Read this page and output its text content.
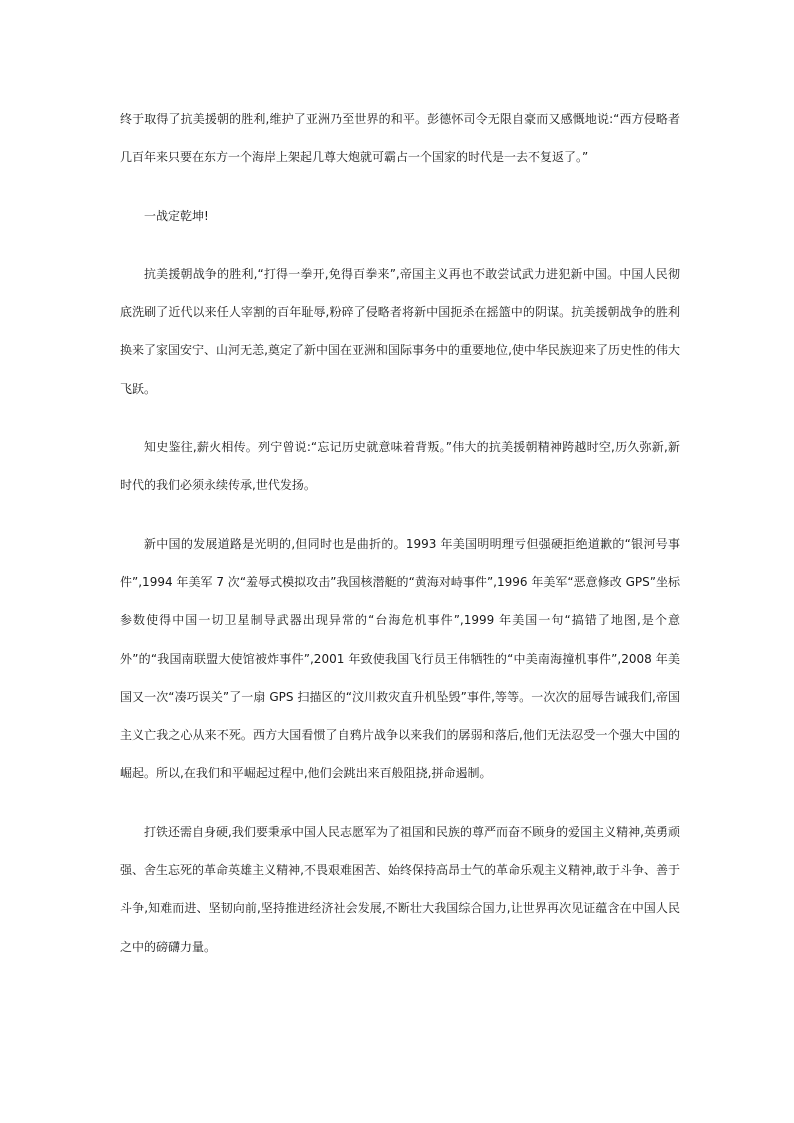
终于取得了抗美援朝的胜利,维护了亚洲乃至世界的和平。彭德怀司令无限自豪而又感慨地说:“西方侵略者几百年来只要在东方一个海岸上架起几尊大炮就可霸占一个国家的时代是一去不复返了。”

一战定乾坤!

抗美援朝战争的胜利,“打得一拳开,免得百拳来”,帝国主义再也不敢尝试武力进犯新中国。中国人民彻底洗刷了近代以来任人宰割的百年耻辱,粉碎了侵略者将新中国扼杀在摇篮中的阴谋。抗美援朝战争的胜利换来了家国安宁、山河无恙,奠定了新中国在亚洲和国际事务中的重要地位,使中华民族迎来了历史性的伟大飞跃。

知史鉴往,薪火相传。列宁曾说:“忘记历史就意味着背叛。”伟大的抗美援朝精神跨越时空,历久弥新,新时代的我们必须永续传承,世代发扬。

新中国的发展道路是光明的,但同时也是曲折的。1993 年美国明明理亏但强硬拒绝道歉的“银河号事件”,1994 年美军 7 次“羞辱式模拟攻击”我国核潜艇的“黄海对峙事件”,1996 年美军“恶意修改 GPS”坐标参数使得中国一切卫星制导武器出现异常的“台海危机事件”,1999 年美国一句“搞错了地图,是个意外”的“我国南联盟大使馆被炸事件”,2001 年致使我国飞行员王伟牺牲的“中美南海撞机事件”,2008 年美国又一次“凑巧误关”了一扇 GPS 扫描区的“汶川救灾直升机坠毁”事件,等等。一次次的屈辱告诫我们,帝国主义亡我之心从来不死。西方大国看惯了自鸦片战争以来我们的孱弱和落后,他们无法忍受一个强大中国的崛起。所以,在我们和平崛起过程中,他们会跳出来百般阻挠,拼命遏制。

打铁还需自身硬,我们要秉承中国人民志愿军为了祖国和民族的尊严而奋不顾身的爱国主义精神,英勇顽强、舍生忘死的革命英雄主义精神,不畏艰难困苦、始终保持高昂士气的革命乐观主义精神,敢于斗争、善于斗争,知难而进、坚韧向前,坚持推进经济社会发展,不断壮大我国综合国力,让世界再次见证蕴含在中国人民之中的磅礴力量。
